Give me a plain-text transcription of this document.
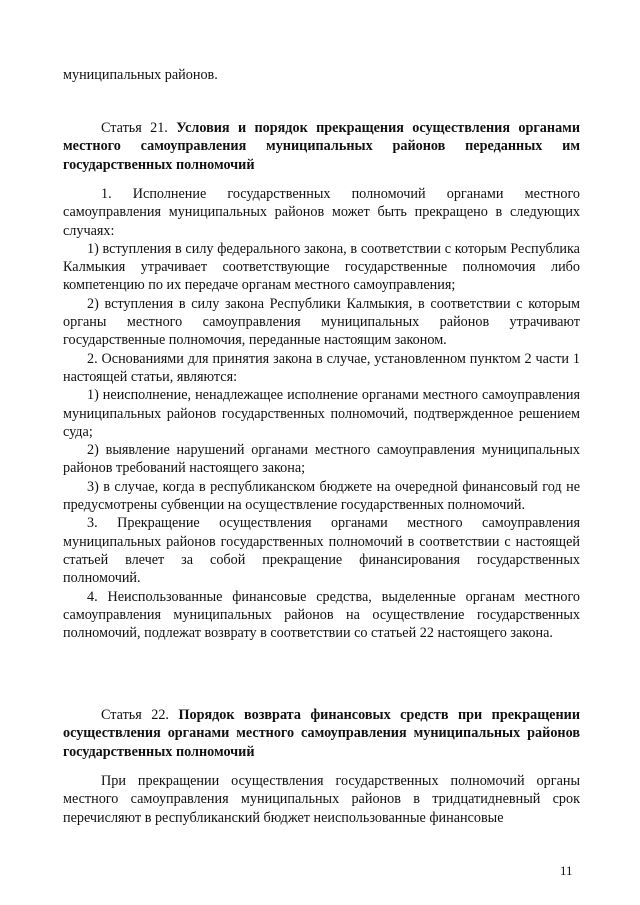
муниципальных районов.

Статья 21. Условия и порядок прекращения осуществления органами местного самоуправления муниципальных районов переданных им государственных полномочий

1. Исполнение государственных полномочий органами местного самоуправления муниципальных районов может быть прекращено в следующих случаях:

1) вступления в силу федерального закона, в соответствии с которым Республика Калмыкия утрачивает соответствующие государственные полномочия либо компетенцию по их передаче органам местного самоуправления;

2) вступления в силу закона Республики Калмыкия, в соответствии с которым органы местного самоуправления муниципальных районов утрачивают государственные полномочия, переданные настоящим законом.

2. Основаниями для принятия закона в случае, установленном пунктом 2 части 1 настоящей статьи, являются:

1) неисполнение, ненадлежащее исполнение органами местного самоуправления муниципальных районов государственных полномочий, подтвержденное решением суда;

2) выявление нарушений органами местного самоуправления муниципальных районов требований настоящего закона;

3) в случае, когда в республиканском бюджете на очередной финансовый год не предусмотрены субвенции на осуществление государственных полномочий.

3. Прекращение осуществления органами местного самоуправления муниципальных районов государственных полномочий в соответствии с настоящей статьей влечет за собой прекращение финансирования государственных полномочий.

4. Неиспользованные финансовые средства, выделенные органам местного самоуправления муниципальных районов на осуществление государственных полномочий, подлежат возврату в соответствии со статьей 22 настоящего закона.

Статья 22. Порядок возврата финансовых средств при прекращении осуществления органами местного самоуправления муниципальных районов государственных полномочий

При прекращении осуществления государственных полномочий органы местного самоуправления муниципальных районов в тридцатидневный срок перечисляют в республиканский бюджет неиспользованные финансовые

11
